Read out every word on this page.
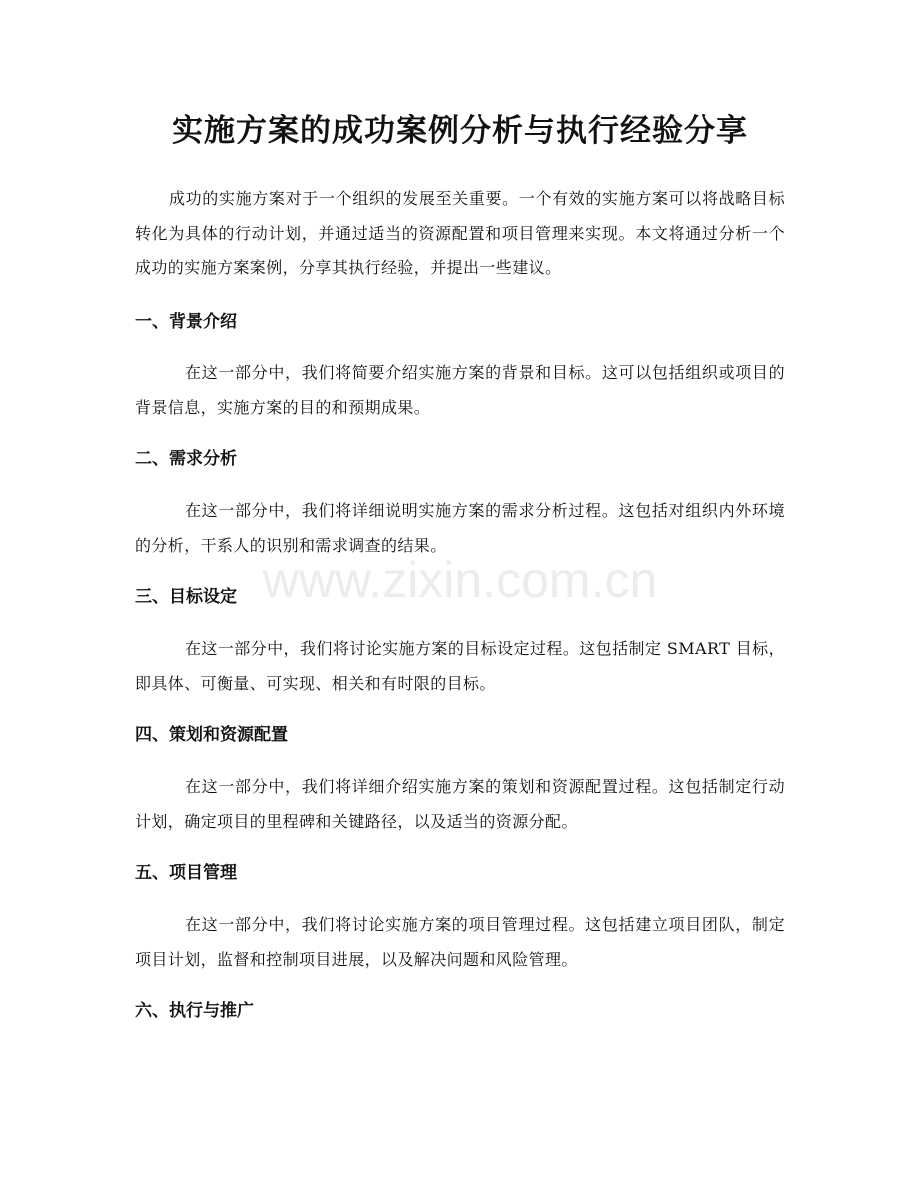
实施方案的成功案例分析与执行经验分享

成功的实施方案对于一个组织的发展至关重要。一个有效的实施方案可以将战略目标转化为具体的行动计划，并通过适当的资源配置和项目管理来实现。本文将通过分析一个成功的实施方案案例，分享其执行经验，并提出一些建议。

一、背景介绍

在这一部分中，我们将简要介绍实施方案的背景和目标。这可以包括组织或项目的背景信息，实施方案的目的和预期成果。

二、需求分析

在这一部分中，我们将详细说明实施方案的需求分析过程。这包括对组织内外环境的分析，干系人的识别和需求调查的结果。

三、目标设定

在这一部分中，我们将讨论实施方案的目标设定过程。这包括制定 SMART 目标，即具体、可衡量、可实现、相关和有时限的目标。

四、策划和资源配置

在这一部分中，我们将详细介绍实施方案的策划和资源配置过程。这包括制定行动计划，确定项目的里程碑和关键路径，以及适当的资源分配。

五、项目管理

在这一部分中，我们将讨论实施方案的项目管理过程。这包括建立项目团队，制定项目计划，监督和控制项目进展，以及解决问题和风险管理。

六、执行与推广
www.zixin.com.cn
